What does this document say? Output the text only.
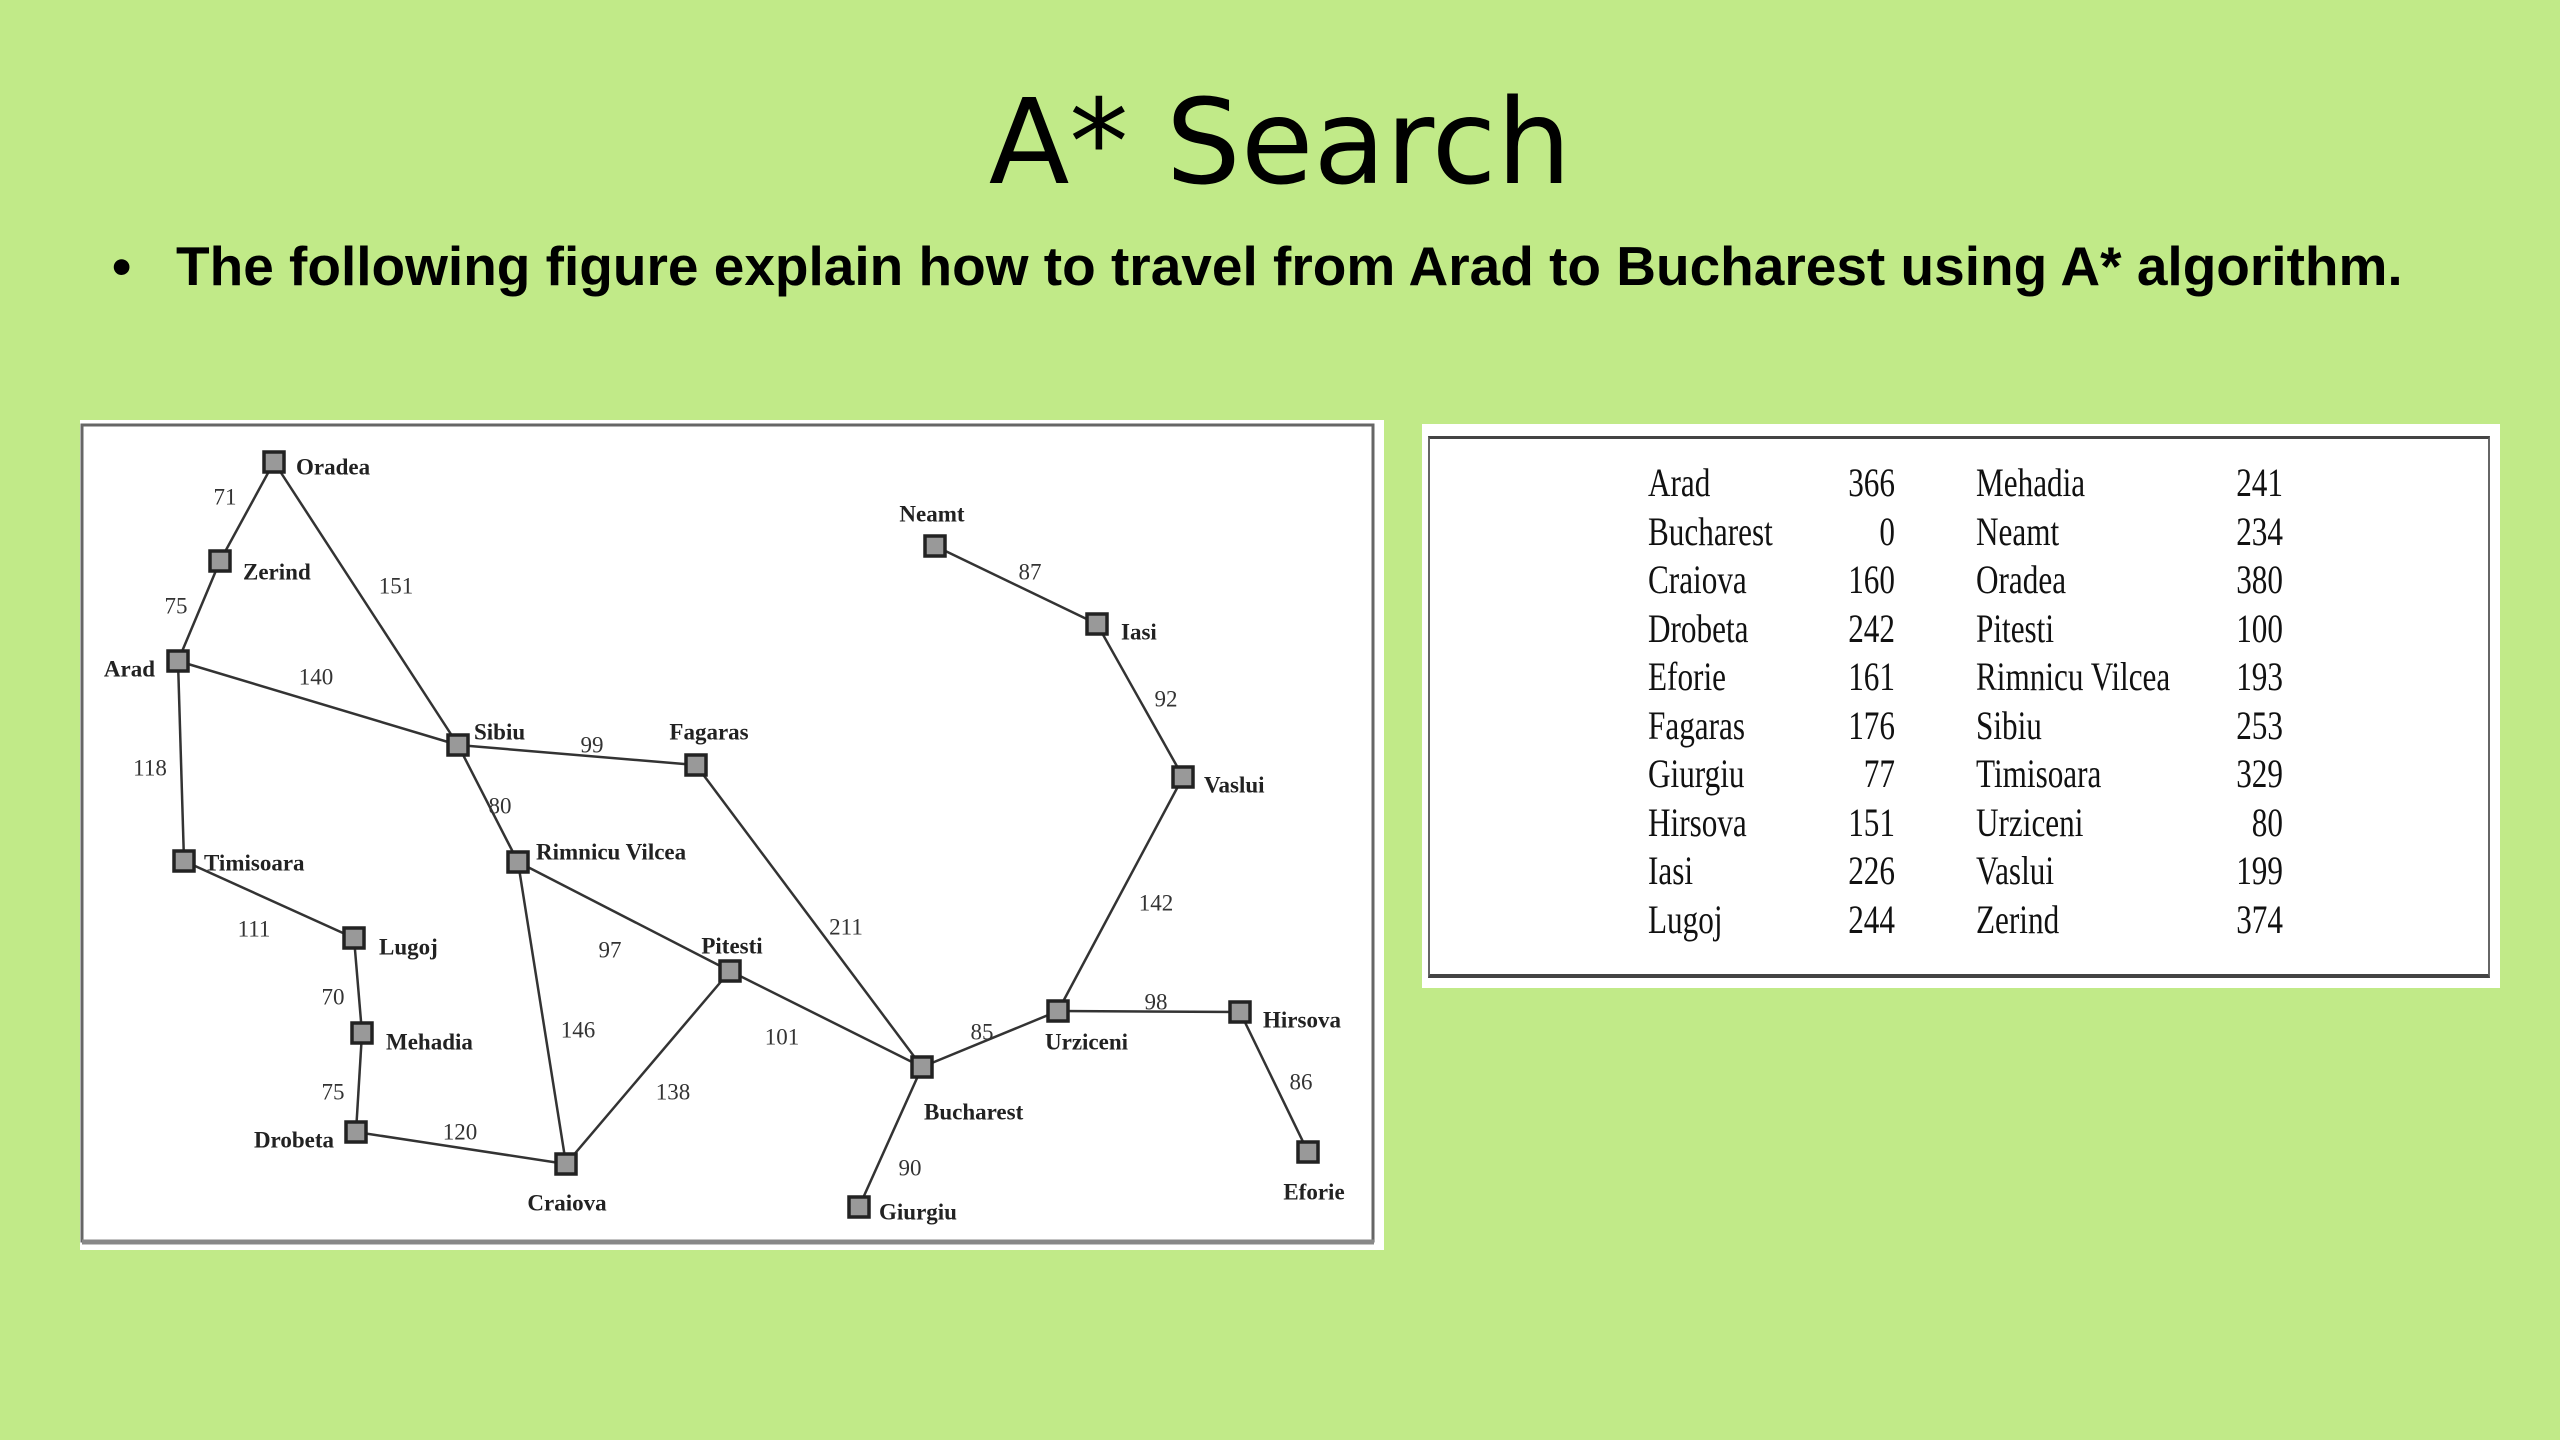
A* Search
• The following figure explain how to travel from Arad to Bucharest using A* algorithm.
71
75
151
140
118
111
70
75
120
99
80
97
146
138
211
101
90
85
98
86
142
92
87
Oradea
Zerind
Arad
Timisoara
Lugoj
Mehadia
Drobeta
Sibiu
Rimnicu Vilcea
Craiova
Fagaras
Pitesti
Bucharest
Giurgiu
Urziceni
Hirsova
Eforie
Vaslui
Iasi
Neamt
Arad	366 Mehadia	241
Bucharest	0 Neamt	234
Craiova	160 Oradea	380
Drobeta 242 Pitesti	100
Eforie	161 Rimnicu Vilcea 193
Fagaras	176 Sibiu	253
Giurgiu	77 Timisoara	329
Hirsova	151 Urziceni	80
Iasi	226 Vaslui	199
Lugoj	244 Zerind	374
